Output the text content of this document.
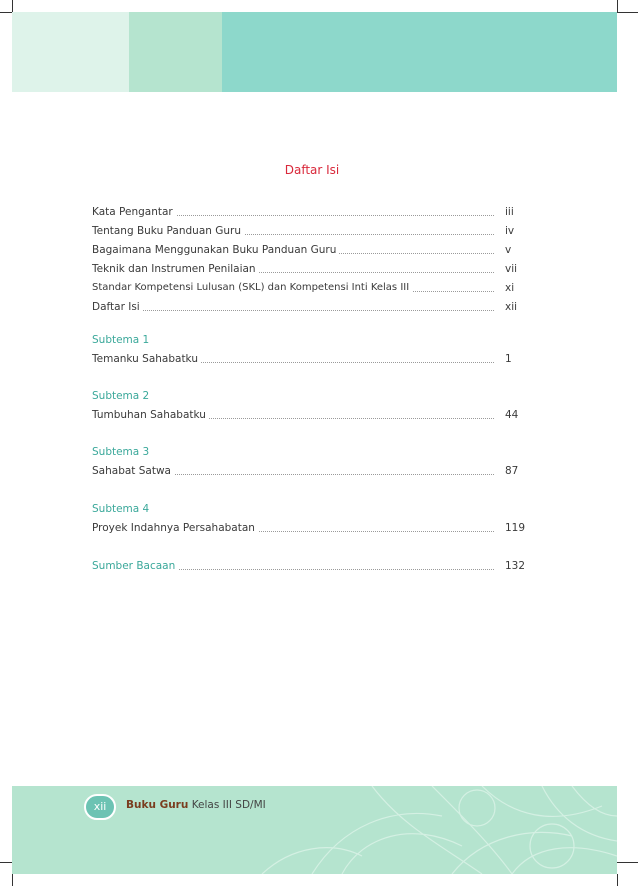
Daftar Isi
Kata Pengantar	iii
Tentang Buku Panduan Guru	iv
Bagaimana Menggunakan Buku Panduan Guru	v
Teknik dan Instrumen Penilaian	vii
Standar Kompetensi Lulusan (SKL) dan Kompetensi Inti Kelas III	xi
Daftar Isi	xii
Subtema 1
Temanku Sahabatku	1
Subtema 2
Tumbuhan Sahabatku	44
Subtema 3
Sahabat Satwa	87
Subtema 4
Proyek Indahnya Persahabatan	119
Sumber Bacaan	132
xii	Buku Guru Kelas III SD/MI
